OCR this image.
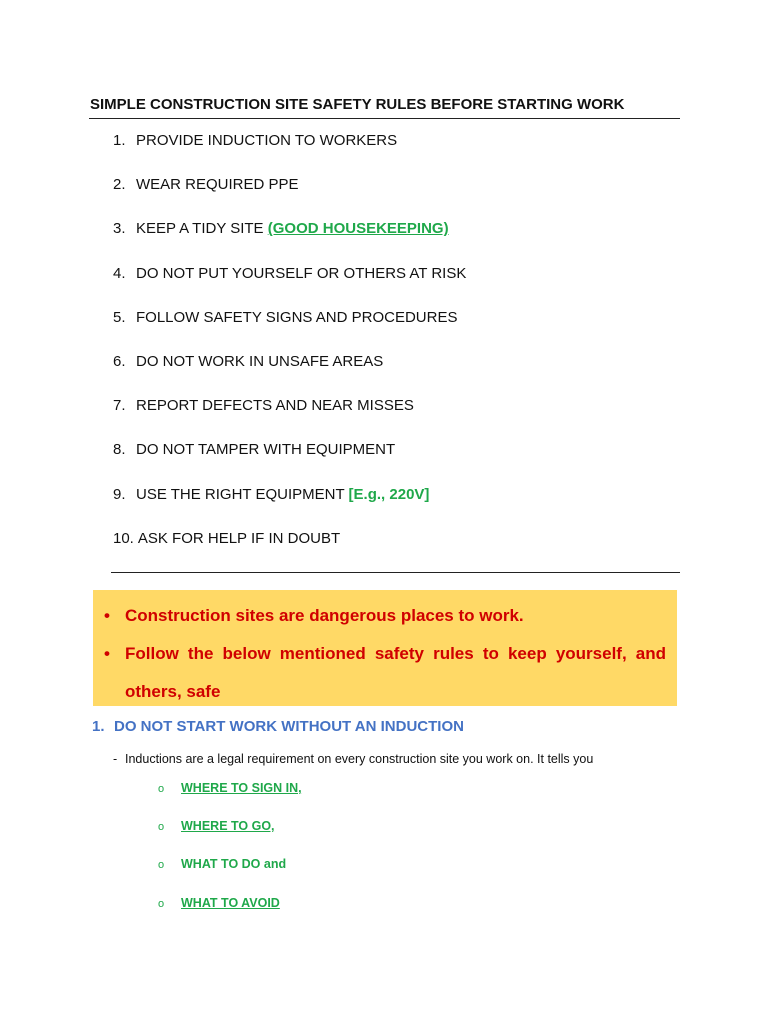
SIMPLE CONSTRUCTION SITE SAFETY RULES BEFORE STARTING WORK
1. PROVIDE INDUCTION TO WORKERS
2. WEAR REQUIRED PPE
3. KEEP A TIDY SITE (GOOD HOUSEKEEPING)
4. DO NOT PUT YOURSELF OR OTHERS AT RISK
5. FOLLOW SAFETY SIGNS AND PROCEDURES
6. DO NOT WORK IN UNSAFE AREAS
7. REPORT DEFECTS AND NEAR MISSES
8. DO NOT TAMPER WITH EQUIPMENT
9. USE THE RIGHT EQUIPMENT [E.g., 220V]
10. ASK FOR HELP IF IN DOUBT
• Construction sites are dangerous places to work.
• Follow the below mentioned safety rules to keep yourself, and others, safe
1. DO NOT START WORK WITHOUT AN INDUCTION
- Inductions are a legal requirement on every construction site you work on. It tells you
o WHERE TO SIGN IN,
o WHERE TO GO,
o WHAT TO DO and
o WHAT TO AVOID
